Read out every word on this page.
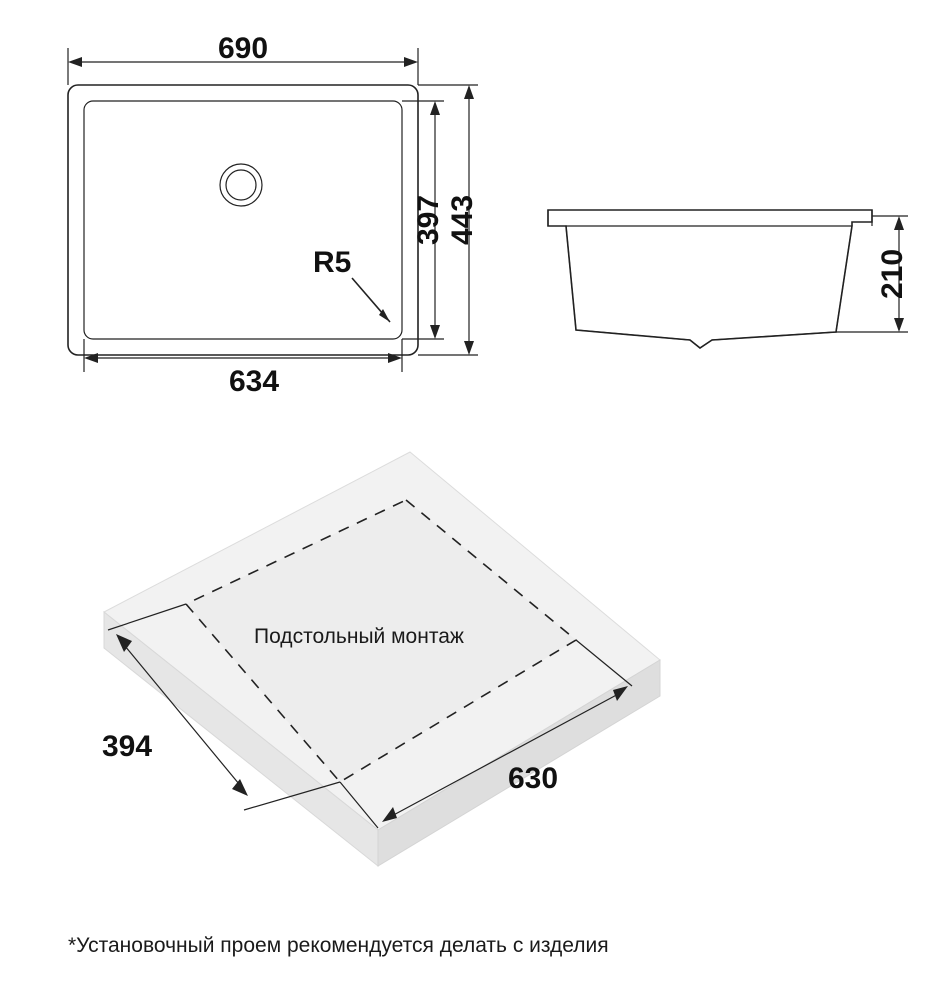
R5
690
634
397 443
210
Подстольный монтаж
394
630
*Установочный проем рекомендуется делать с изделия
